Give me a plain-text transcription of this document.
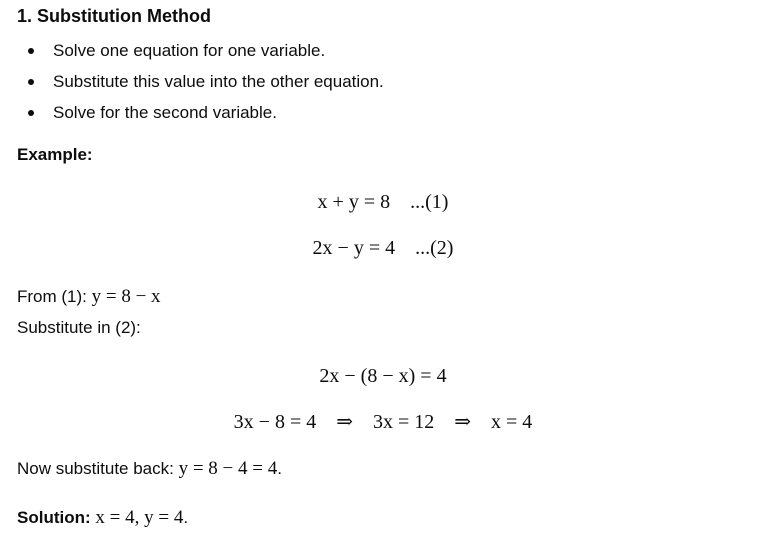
1. Substitution Method
Solve one equation for one variable.
Substitute this value into the other equation.
Solve for the second variable.
Example:
x + y = 8    ...(1)
2x − y = 4    ...(2)
From (1): y = 8 − x
Substitute in (2):
2x − (8 − x) = 4
3x − 8 = 4    ⇒    3x = 12    ⇒    x = 4
Now substitute back: y = 8 − 4 = 4.
Solution: x = 4, y = 4.
